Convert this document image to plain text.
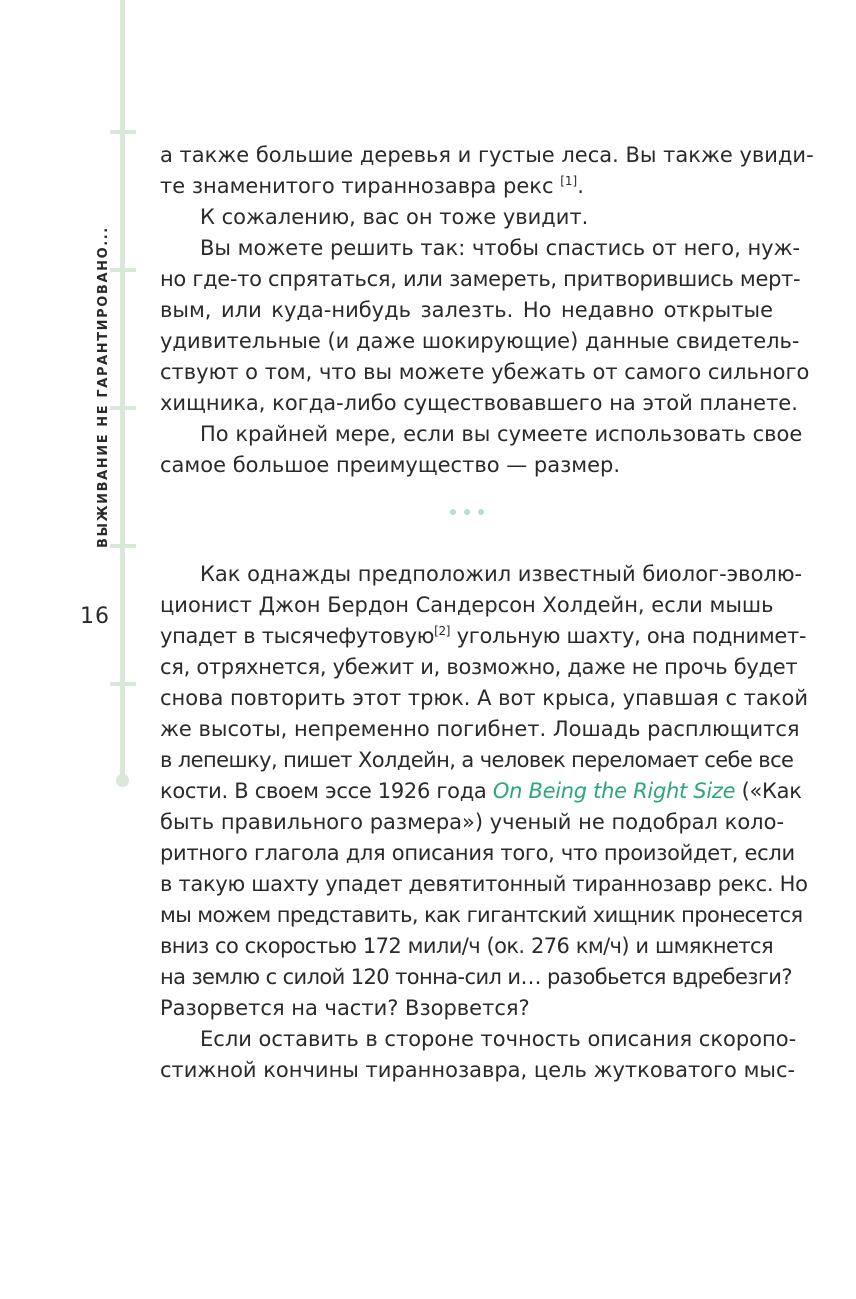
ВЫЖИВАНИЕ НЕ ГАРАНТИРОВАНО...
16
а также большие деревья и густые леса. Вы также увиди-
те знаменитого тираннозавра рекс [1].
К сожалению, вас он тоже увидит.
Вы можете решить так: чтобы спастись от него, нуж-
но где-то спрятаться, или замереть, притворившись мерт-
вым, или куда-нибудь залезть. Но недавно открытые
удивительные (и даже шокирующие) данные свидетель-
ствуют о том, что вы можете убежать от самого сильного
хищника, когда-либо существовавшего на этой планете.
По крайней мере, если вы сумеете использовать свое
самое большое преимущество — размер.
Как однажды предположил известный биолог-эволю-
ционист Джон Бердон Сандерсон Холдейн, если мышь
упадет в тысячефутовую[2] угольную шахту, она поднимет-
ся, отряхнется, убежит и, возможно, даже не прочь будет
снова повторить этот трюк. А вот крыса, упавшая с такой
же высоты, непременно погибнет. Лошадь расплющится
в лепешку, пишет Холдейн, а человек переломает себе все
кости. В своем эссе 1926 года On Being the Right Size («Как
быть правильного размера») ученый не подобрал коло-
ритного глагола для описания того, что произойдет, если
в такую шахту упадет девятитонный тираннозавр рекс. Но
мы можем представить, как гигантский хищник пронесется
вниз со скоростью 172 мили/ч (ок. 276 км/ч) и шмякнется
на землю с силой 120 тонна-сил и… разобьется вдребезги?
Разорвется на части? Взорвется?
Если оставить в стороне точность описания скоропо-
стижной кончины тираннозавра, цель жутковатого мыс-
